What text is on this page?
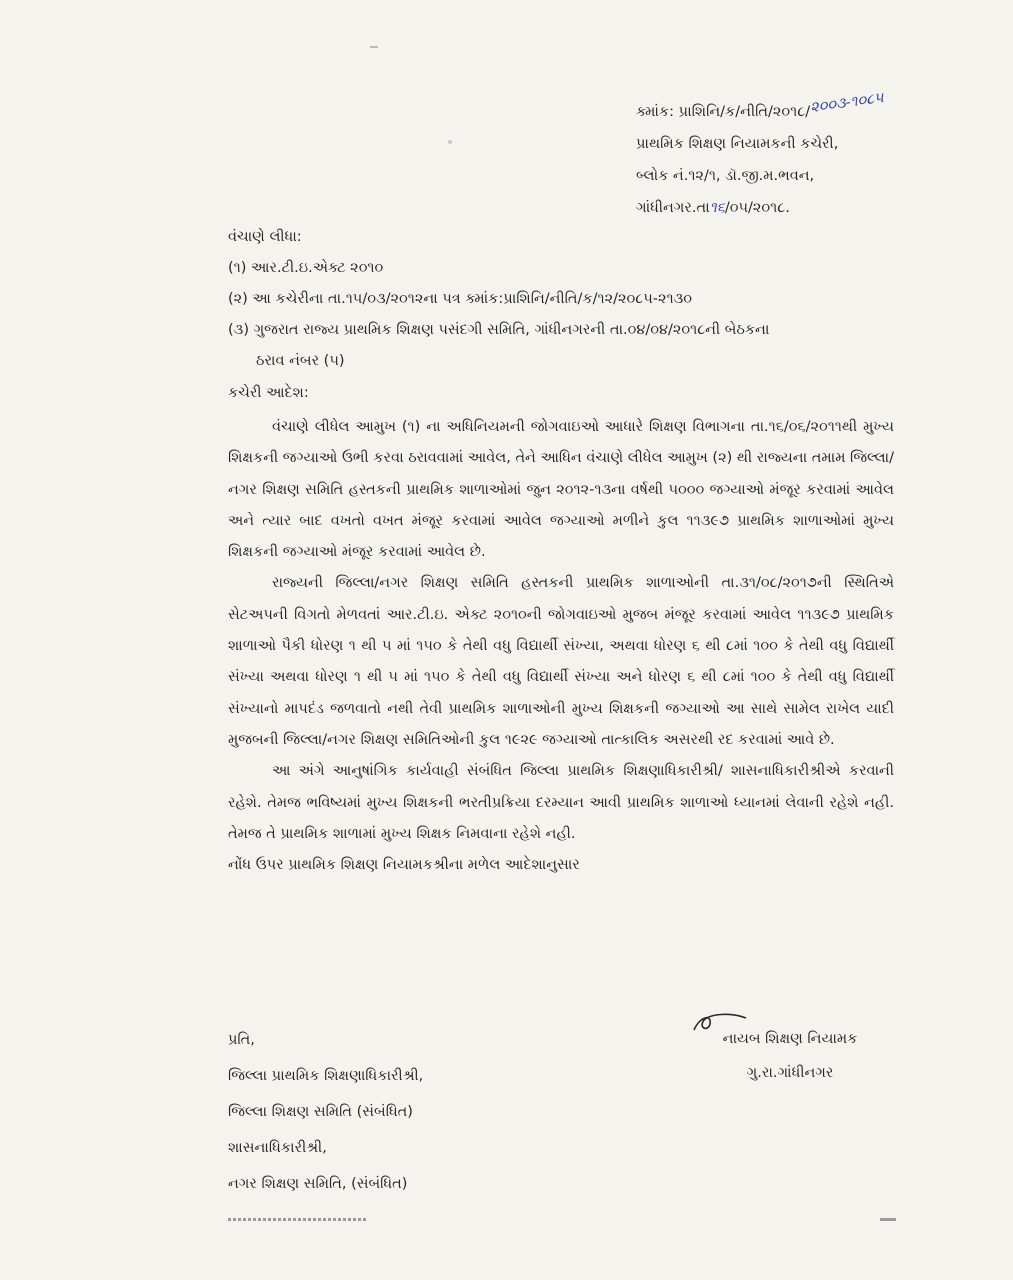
ક્માંક: પ્રાશિનિ/ક/નીતિ/૨૦૧૮/૨૦૦૩-૧૦૮૫
પ્રાથમિક શિક્ષણ નિયામકની કચેરી,
બ્લોક નં.૧૨/૧, ડૉ.જી.મ.ભવન,
ગાંધીનગર.તા૧૬/૦૫/૨૦૧૮.
વંચાણે લીધા:
(૧) આર.ટી.ઇ.એક્ટ ૨૦૧૦
(૨) આ કચેરીના તા.૧૫/૦૩/૨૦૧૨ના પત્ર ક્માંક:પ્રાશિનિ/નીતિ/ક/૧૨/૨૦૮૫-૨૧૩૦
(૩) ગુજરાત રાજ્ય પ્રાથમિક શિક્ષણ પસંદગી સમિતિ, ગાંધીનગરની તા.૦૪/૦૪/૨૦૧૮ની બેઠકના
ઠરાવ નંબર (૫)
કચેરી આદેશ:

વંચાણે લીધેલ આમુખ (૧) ના અધિનિયમની જોગવાઇઓ આધારે શિક્ષણ વિભાગના તા.૧૬/૦૬/૨૦૧૧થી મુખ્ય શિક્ષકની જગ્યાઓ ઉભી કરવા ઠરાવવામાં આવેલ, તેને આધિન વંચાણે લીધેલ આમુખ (૨) થી રાજ્યના તમામ જિલ્લા/નગર શિક્ષણ સમિતિ હસ્તકની પ્રાથમિક શાળાઓમાં જુન ૨૦૧૨-૧૩ના વર્ષથી ૫૦૦૦ જગ્યાઓ મંજૂર કરવામાં આવેલ અને ત્યાર બાદ વખતો વખત મંજૂર કરવામાં આવેલ જગ્યાઓ મળીને કુલ ૧૧૩૯૭ પ્રાથમિક શાળાઓમાં મુખ્ય શિક્ષકની જગ્યાઓ મંજૂર કરવામાં આવેલ છે.

રાજ્યની જિલ્લા/નગર શિક્ષણ સમિતિ હસ્તકની પ્રાથમિક શાળાઓની તા.૩૧/૦૮/૨૦૧૭ની સ્થિતિએ સેટઅપની વિગતો મેળવતાં આર.ટી.ઇ. એક્ટ ૨૦૧૦ની જોગવાઇઓ મુજબ મંજૂર કરવામાં આવેલ ૧૧૩૯૭ પ્રાથમિક શાળાઓ પૈકી ધોરણ ૧ થી ૫ માં ૧૫૦ કે તેથી વધુ વિદ્યાર્થી સંખ્યા, અથવા ધોરણ ૬ થી ૮માં ૧૦૦ કે તેથી વધુ વિદ્યાર્થી સંખ્યા અથવા ધોરણ ૧ થી ૫ માં ૧૫૦ કે તેથી વધુ વિદ્યાર્થી સંખ્યા અને ધોરણ ૬ થી ૮માં ૧૦૦ કે તેથી વધુ વિદ્યાર્થી સંખ્યાનો માપદંડ જળવાતો નથી તેવી પ્રાથમિક શાળાઓની મુખ્ય શિક્ષકની જગ્યાઓ આ સાથે સામેલ રાખેલ યાદી મુજબની જિલ્લા/નગર શિક્ષણ સમિતિઓની કુલ ૧૯૨૯ જગ્યાઓ તાત્કાલિક અસરથી રદ કરવામાં આવે છે.

આ અંગે આનુષાંગિક કાર્યવાહી સંબંધિત જિલ્લા પ્રાથમિક શિક્ષણાધિકારીશ્રી/ શાસનાધિકારીશ્રીએ કરવાની રહેશે. તેમજ ભવિષ્યમાં મુખ્ય શિક્ષકની ભરતીપ્રક્રિયા દરમ્યાન આવી પ્રાથમિક શાળાઓ ધ્યાનમાં લેવાની રહેશે નહી. તેમજ તે પ્રાથમિક શાળામાં મુખ્ય શિક્ષક નિમવાના રહેશે નહી.

નોંધ ઉપર પ્રાથમિક શિક્ષણ નિયામકશ્રીના મળેલ આદેશાનુસાર
નાયબ શિક્ષણ નિયામક
ગુ.રા.ગાંધીનગર
પ્રતિ,
જિલ્લા પ્રાથમિક શિક્ષણાધિકારીશ્રી,
જિલ્લા શિક્ષણ સમિતિ (સંબંધિત)
શાસનાધિકારીશ્રી,
નગર શિક્ષણ સમિતિ, (સંબંધિત)
